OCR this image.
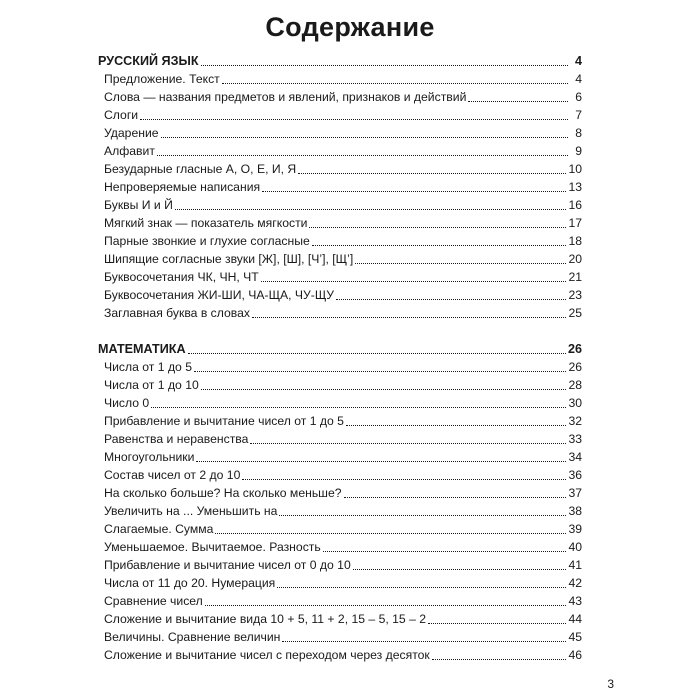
Содержание
РУССКИЙ ЯЗЫК	4
Предложение. Текст	4
Слова — названия предметов и явлений, признаков и действий	6
Слоги	7
Ударение	8
Алфавит	9
Безударные гласные А, О, Е, И, Я	10
Непроверяемые написания	13
Буквы И и Й	16
Мягкий знак — показатель мягкости	17
Парные звонкие и глухие согласные	18
Шипящие согласные звуки [Ж], [Ш], [Ч’], [Щ’]	20
Буквосочетания ЧК, ЧН, ЧТ	21
Буквосочетания ЖИ-ШИ, ЧА-ЩА, ЧУ-ЩУ	23
Заглавная буква в словах	25
МАТЕМАТИКА	26
Числа от 1 до 5	26
Числа от 1 до 10	28
Число 0	30
Прибавление и вычитание чисел от 1 до 5	32
Равенства и неравенства	33
Многоугольники	34
Состав чисел от 2 до 10	36
На сколько больше? На сколько меньше?	37
Увеличить на ... Уменьшить на	38
Слагаемые. Сумма	39
Уменьшаемое. Вычитаемое. Разность	40
Прибавление и вычитание чисел от 0 до 10	41
Числа от 11 до 20. Нумерация	42
Сравнение чисел	43
Сложение и вычитание вида 10 + 5, 11 + 2, 15 – 5, 15 – 2	44
Величины. Сравнение величин	45
Сложение и вычитание чисел с переходом через десяток	46
3
